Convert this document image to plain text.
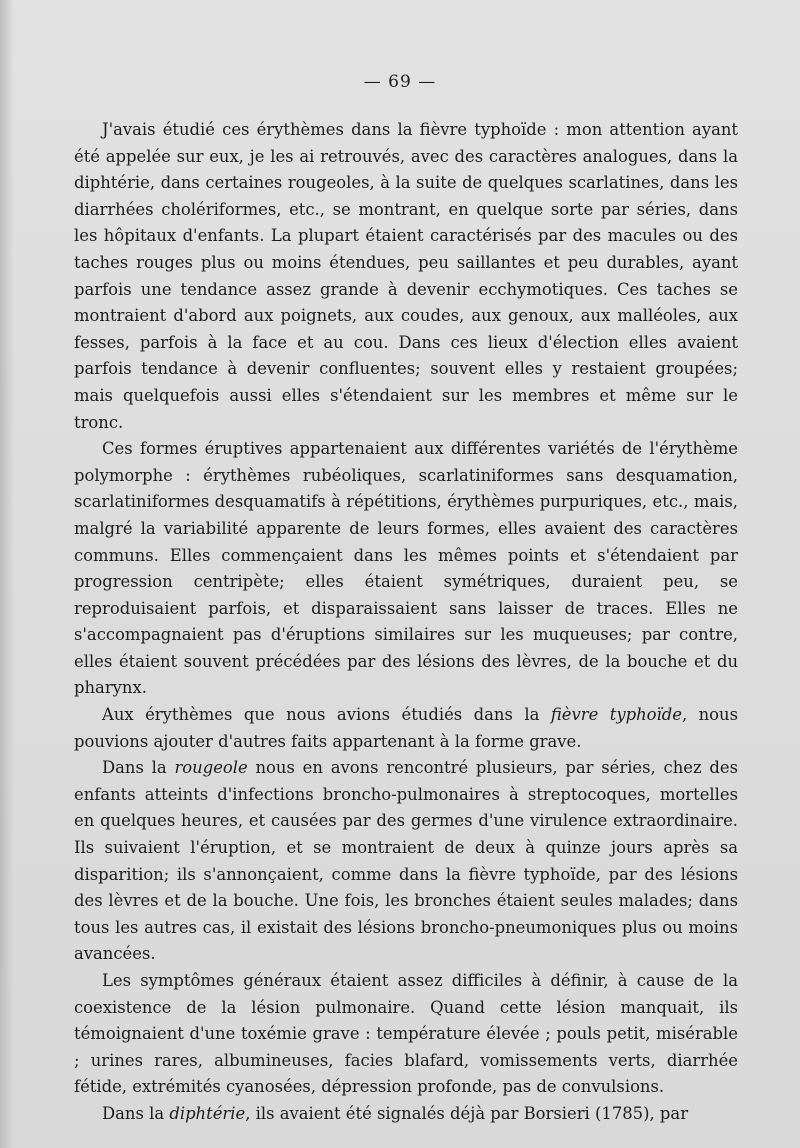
— 69 —

J'avais étudié ces érythèmes dans la fièvre typhoïde : mon attention ayant été appelée sur eux, je les ai retrouvés, avec des caractères analogues, dans la diphtérie, dans certaines rougeoles, à la suite de quelques scarlatines, dans les diarrhées cholériformes, etc., se montrant, en quelque sorte par séries, dans les hôpitaux d'enfants. La plupart étaient caractérisés par des macules ou des taches rouges plus ou moins étendues, peu saillantes et peu durables, ayant parfois une tendance assez grande à devenir ecchymotiques. Ces taches se montraient d'abord aux poignets, aux coudes, aux genoux, aux malléoles, aux fesses, parfois à la face et au cou. Dans ces lieux d'élection elles avaient parfois tendance à devenir confluentes; souvent elles y restaient groupées; mais quelquefois aussi elles s'étendaient sur les membres et même sur le tronc.

Ces formes éruptives appartenaient aux différentes variétés de l'érythème polymorphe : érythèmes rubéoliques, scarlatiniformes sans desquamation, scarlatiniformes desquamatifs à répétitions, érythèmes purpuriques, etc., mais, malgré la variabilité apparente de leurs formes, elles avaient des caractères communs. Elles commençaient dans les mêmes points et s'étendaient par progression centripète; elles étaient symétriques, duraient peu, se reproduisaient parfois, et disparaissaient sans laisser de traces. Elles ne s'accompagnaient pas d'éruptions similaires sur les muqueuses; par contre, elles étaient souvent précédées par des lésions des lèvres, de la bouche et du pharynx.

Aux érythèmes que nous avions étudiés dans la fièvre typhoïde, nous pouvions ajouter d'autres faits appartenant à la forme grave.

Dans la rougeole nous en avons rencontré plusieurs, par séries, chez des enfants atteints d'infections broncho-pulmonaires à streptocoques, mortelles en quelques heures, et causées par des germes d'une virulence extraordinaire. Ils suivaient l'éruption, et se montraient de deux à quinze jours après sa disparition; ils s'annonçaient, comme dans la fièvre typhoïde, par des lésions des lèvres et de la bouche. Une fois, les bronches étaient seules malades; dans tous les autres cas, il existait des lésions broncho-pneumoniques plus ou moins avancées.

Les symptômes généraux étaient assez difficiles à définir, à cause de la coexistence de la lésion pulmonaire. Quand cette lésion manquait, ils témoignaient d'une toxémie grave : température élevée ; pouls petit, misérable ; urines rares, albumineuses, facies blafard, vomissements verts, diarrhée fétide, extrémités cyanosées, dépression profonde, pas de convulsions.

Dans la diphtérie, ils avaient été signalés déjà par Borsieri (1785), par
